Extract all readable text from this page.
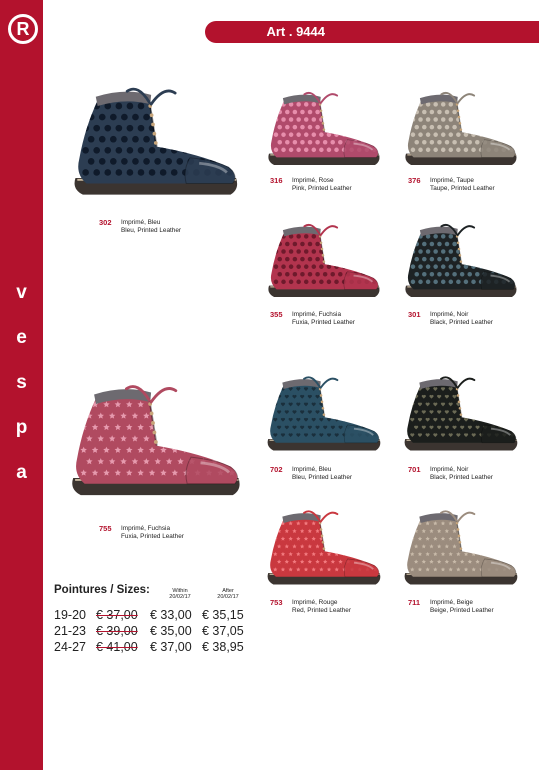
R
v
e
s
p
a
Art . 9444
302 Imprimé, Bleu
Bleu, Printed Leather
316 Imprimé, Rose
Pink, Printed Leather
376 Imprimé, Taupe
Taupe, Printed Leather
355 Imprimé, Fuchsia
Fuxia, Printed Leather
301 Imprimé, Noir
Black, Printed Leather
755 Imprimé, Fuchsia
Fuxia, Printed Leather
702 Imprimé, Bleu
Bleu, Printed Leather
701 Imprimé, Noir
Black, Printed Leather
753 Imprimé, Rouge
Red, Printed Leather
711 Imprimé, Beige
Beige, Printed Leather
Pointures / Sizes:	Within
20/02/17
After
20/02/17
19-20 € 37,00 € 33,00 € 35,15
21-23 € 39,00 € 35,00 € 37,05
24-27 € 41,00 € 37,00 € 38,95
